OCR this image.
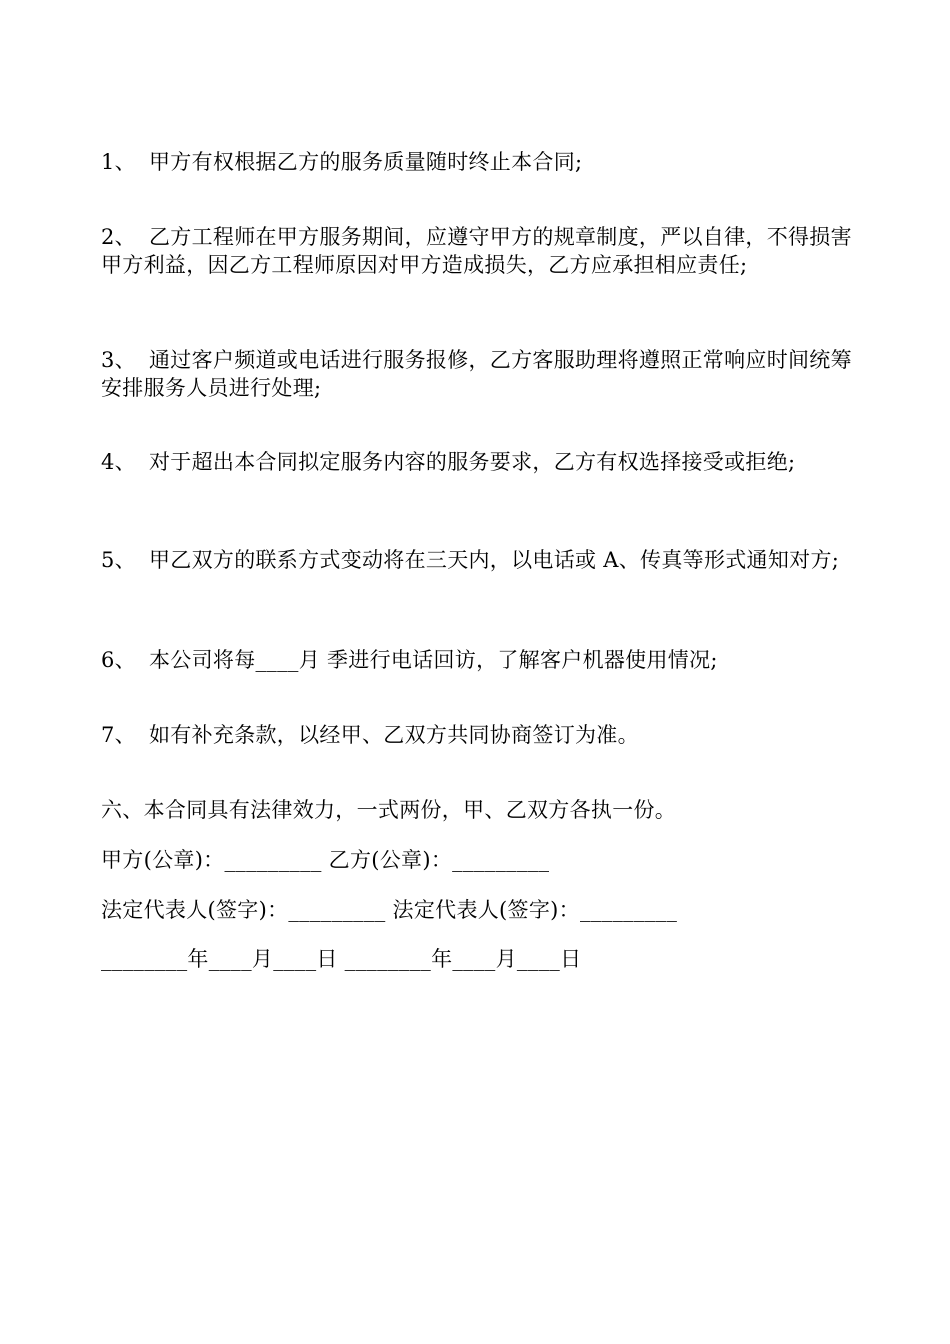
1、 甲方有权根据乙方的服务质量随时终止本合同;
2、 乙方工程师在甲方服务期间，应遵守甲方的规章制度，严以自律，不得损害甲方利益，因乙方工程师原因对甲方造成损失，乙方应承担相应责任;
3、 通过客户频道或电话进行服务报修，乙方客服助理将遵照正常响应时间统筹安排服务人员进行处理;
4、 对于超出本合同拟定服务内容的服务要求，乙方有权选择接受或拒绝;
5、 甲乙双方的联系方式变动将在三天内，以电话或 A、传真等形式通知对方;
6、 本公司将每____月 季进行电话回访，了解客户机器使用情况;
7、 如有补充条款，以经甲、乙双方共同协商签订为准。
六、本合同具有法律效力，一式两份，甲、乙双方各执一份。
甲方(公章)：_________ 乙方(公章)：_________
法定代表人(签字)：_________ 法定代表人(签字)：_________
________年____月____日 ________年____月____日
